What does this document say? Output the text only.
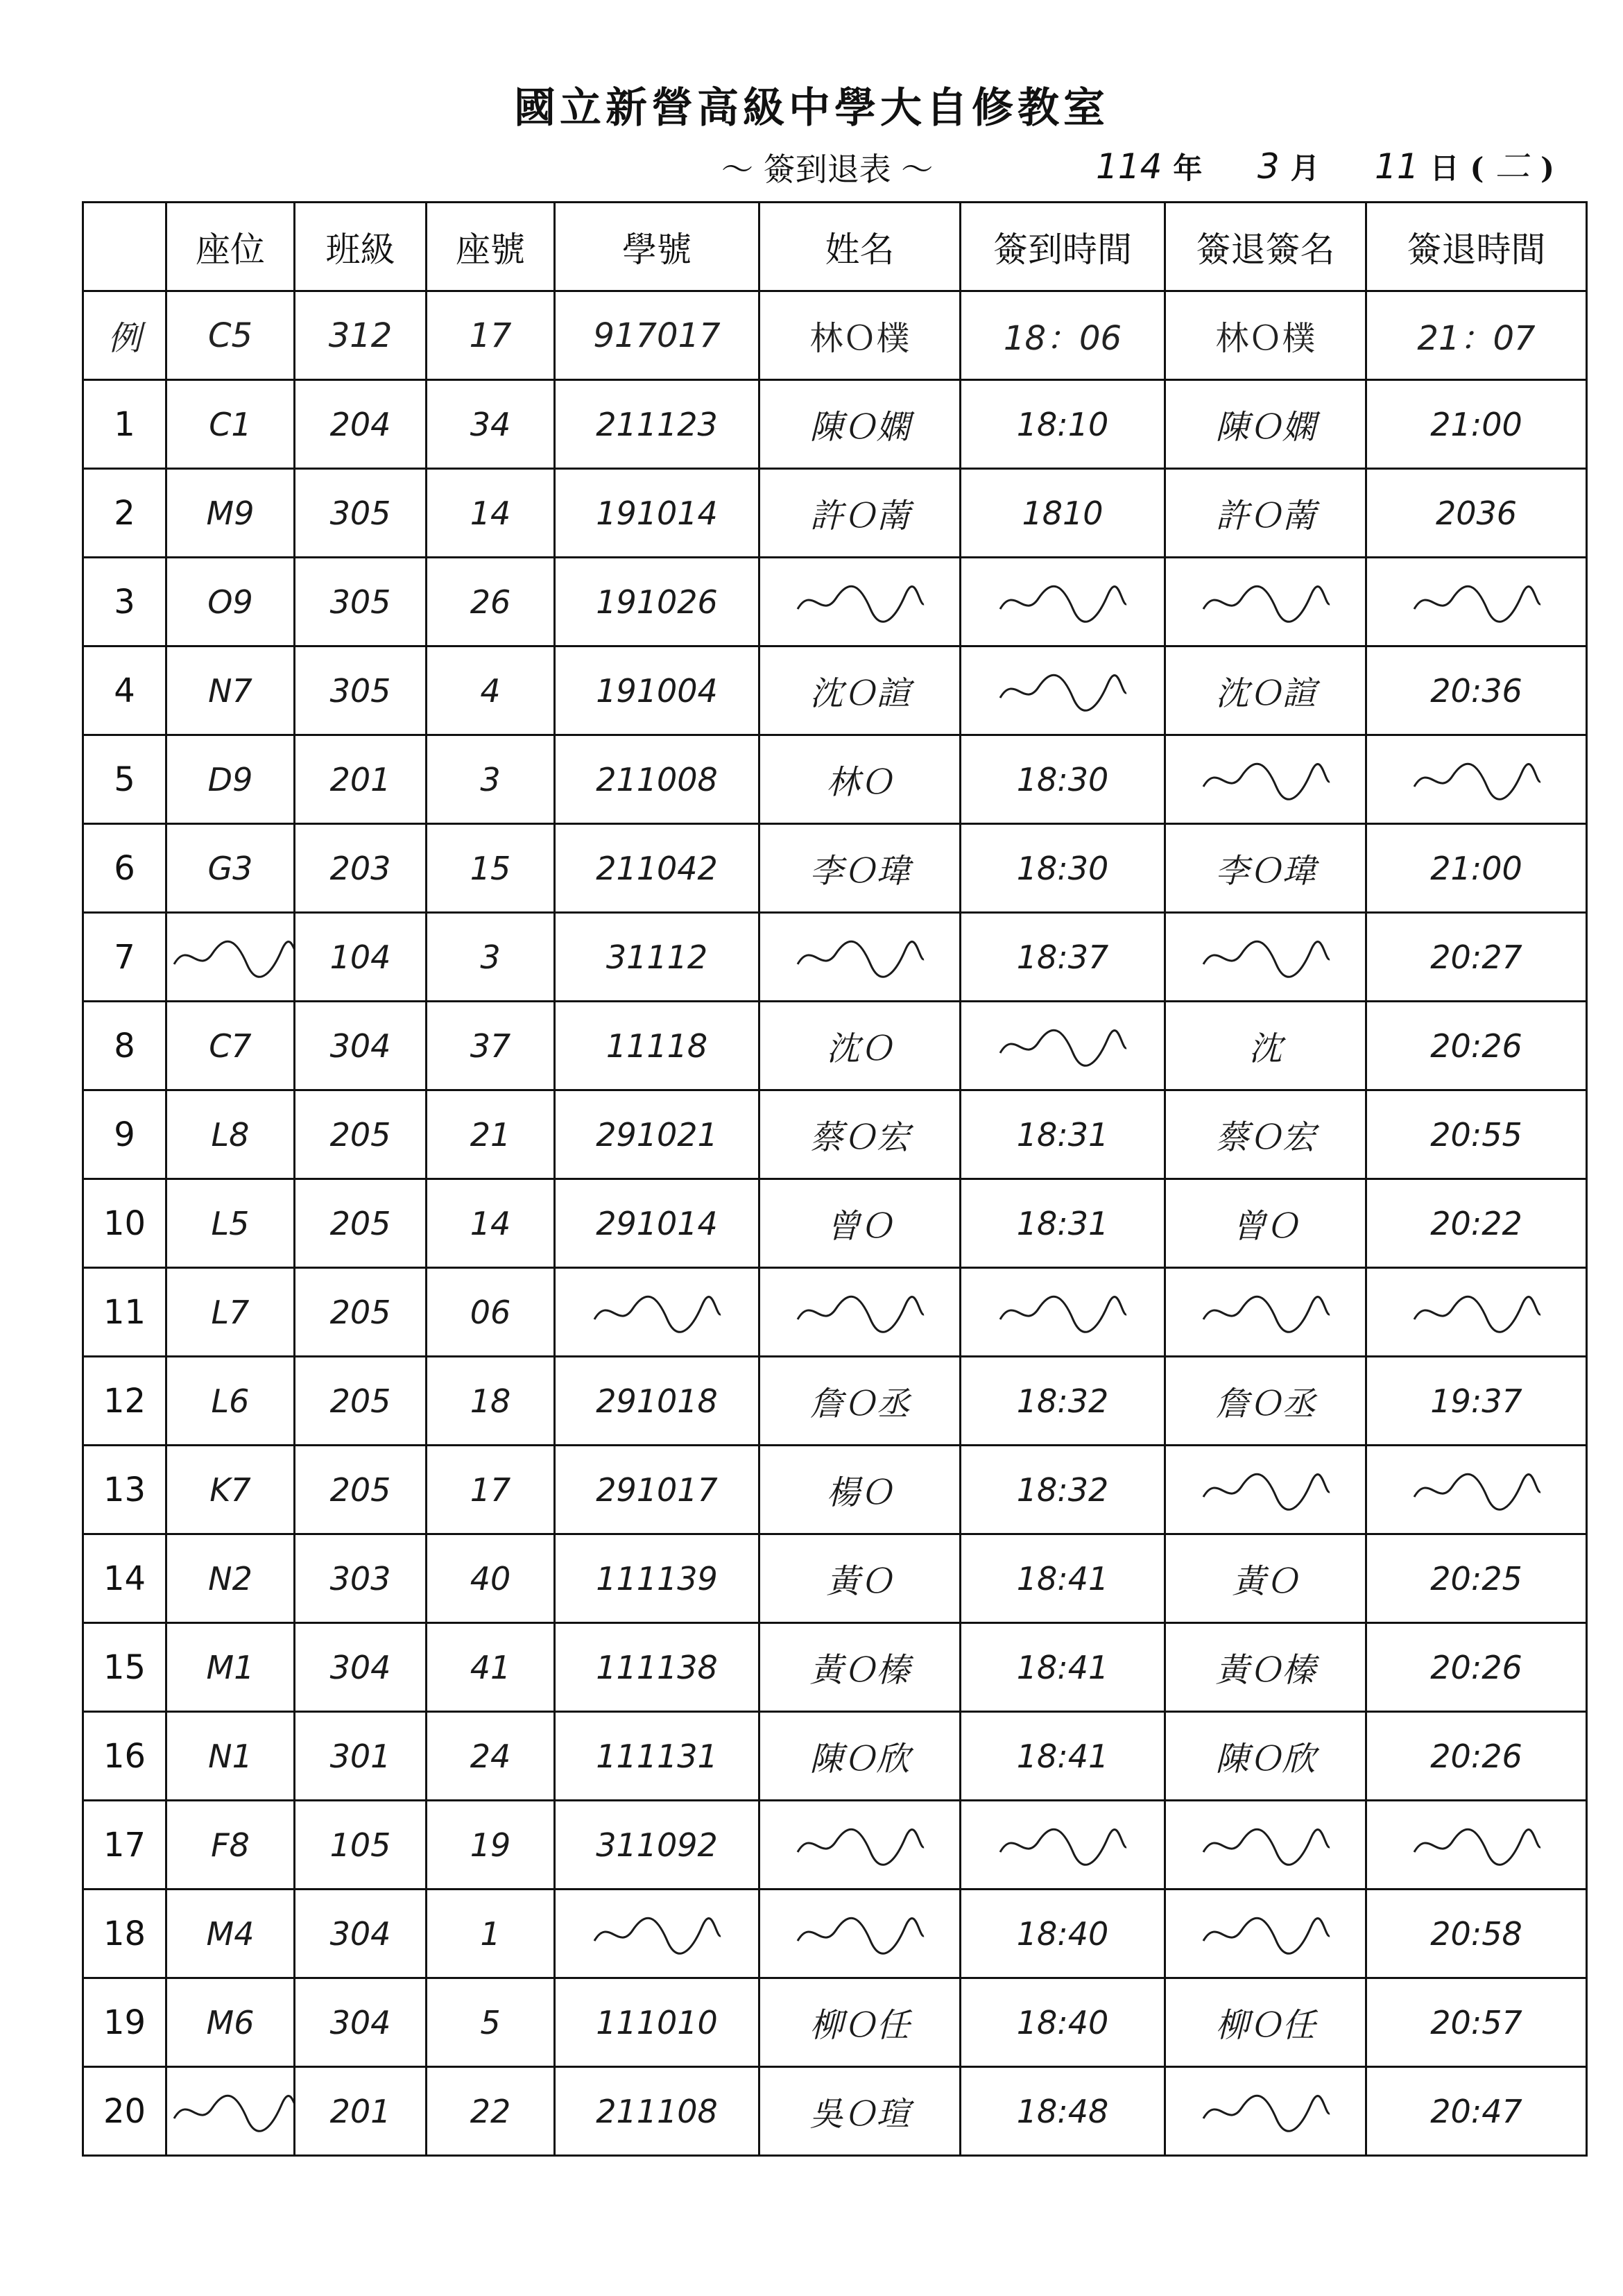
國立新營高級中學大自修教室
～ 簽到退表 ～	114 年 3 月 11 日 ( 二 )
	座位	班級	座號	學號	姓名	簽到時間	簽退簽名	簽退時間
例	C5	312	17	917017	林Ｏ樸	18：06	林Ｏ樸	21：07
1	C1	204	34	211123	陳Ｏ嫻	18:10	陳Ｏ嫻	21:00
2	M9	305	14	191014	許Ｏ萳	1810	許Ｏ萳	2036
3	O9	305	26	191026	

4	N7	305	4	191004	沈Ｏ諠		沈Ｏ諠	20:36
5	D9	201	3	211008	林Ｏ	18:30	

6	G3	203	15	211042	李Ｏ瑋	18:30	李Ｏ瑋	21:00
7		104	3	31112		18:37		20:27
8	C7	304	37	11118	沈Ｏ		沈	20:26
9	L8	205	21	291021	蔡Ｏ宏	18:31	蔡Ｏ宏	20:55
10	L5	205	14	291014	曾Ｏ	18:31	曾Ｏ	20:22
11	L7	205	06	

12	L6	205	18	291018	詹Ｏ丞	18:32	詹Ｏ丞	19:37
13	K7	205	17	291017	楊Ｏ	18:32	

14	N2	303	40	111139	黃Ｏ	18:41	黃Ｏ	20:25
15	M1	304	41	111138	黃Ｏ榛	18:41	黃Ｏ榛	20:26
16	N1	301	24	111131	陳Ｏ欣	18:41	陳Ｏ欣	20:26
17	F8	105	19	311092	

18	M4	304	1			18:40		20:58
19	M6	304	5	111010	柳Ｏ任	18:40	柳Ｏ任	20:57
20		201	22	211108	吳Ｏ瑄	18:48		20:47
